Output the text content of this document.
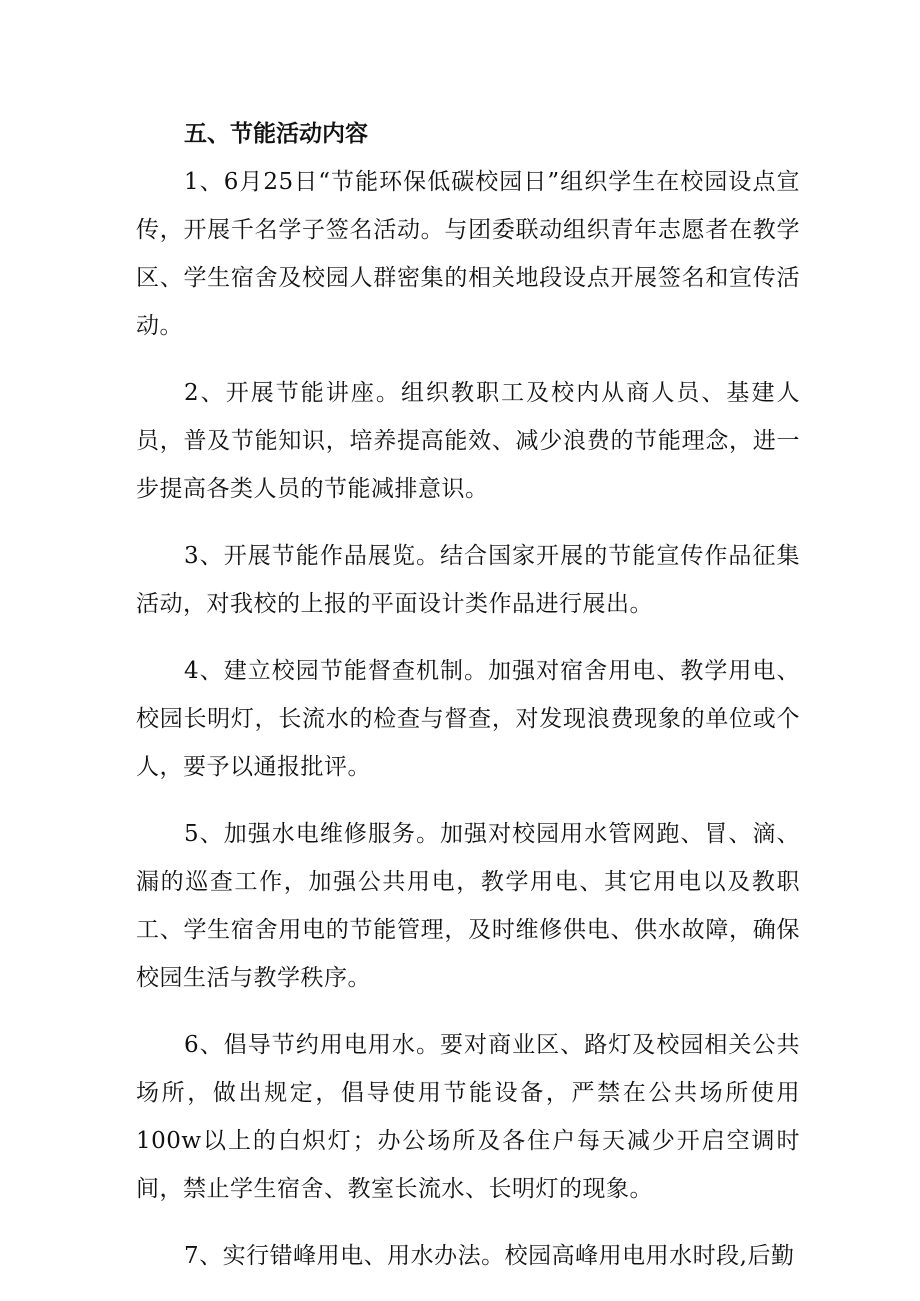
五、节能活动内容

1、6月25日“节能环保低碳校园日”组织学生在校园设点宣传，开展千名学子签名活动。与团委联动组织青年志愿者在教学区、学生宿舍及校园人群密集的相关地段设点开展签名和宣传活动。

2、开展节能讲座。组织教职工及校内从商人员、基建人员，普及节能知识，培养提高能效、减少浪费的节能理念，进一步提高各类人员的节能减排意识。

3、开展节能作品展览。结合国家开展的节能宣传作品征集活动，对我校的上报的平面设计类作品进行展出。

4、建立校园节能督查机制。加强对宿舍用电、教学用电、校园长明灯，长流水的检查与督查，对发现浪费现象的单位或个人，要予以通报批评。

5、加强水电维修服务。加强对校园用水管网跑、冒、滴、漏的巡查工作，加强公共用电，教学用电、其它用电以及教职工、学生宿舍用电的节能管理，及时维修供电、供水故障，确保校园生活与教学秩序。

6、倡导节约用电用水。要对商业区、路灯及校园相关公共场所，做出规定，倡导使用节能设备，严禁在公共场所使用100w以上的白炽灯；办公场所及各住户每天减少开启空调时间，禁止学生宿舍、教室长流水、长明灯的现象。

7、实行错峰用电、用水办法。校园高峰用电用水时段,后勤
